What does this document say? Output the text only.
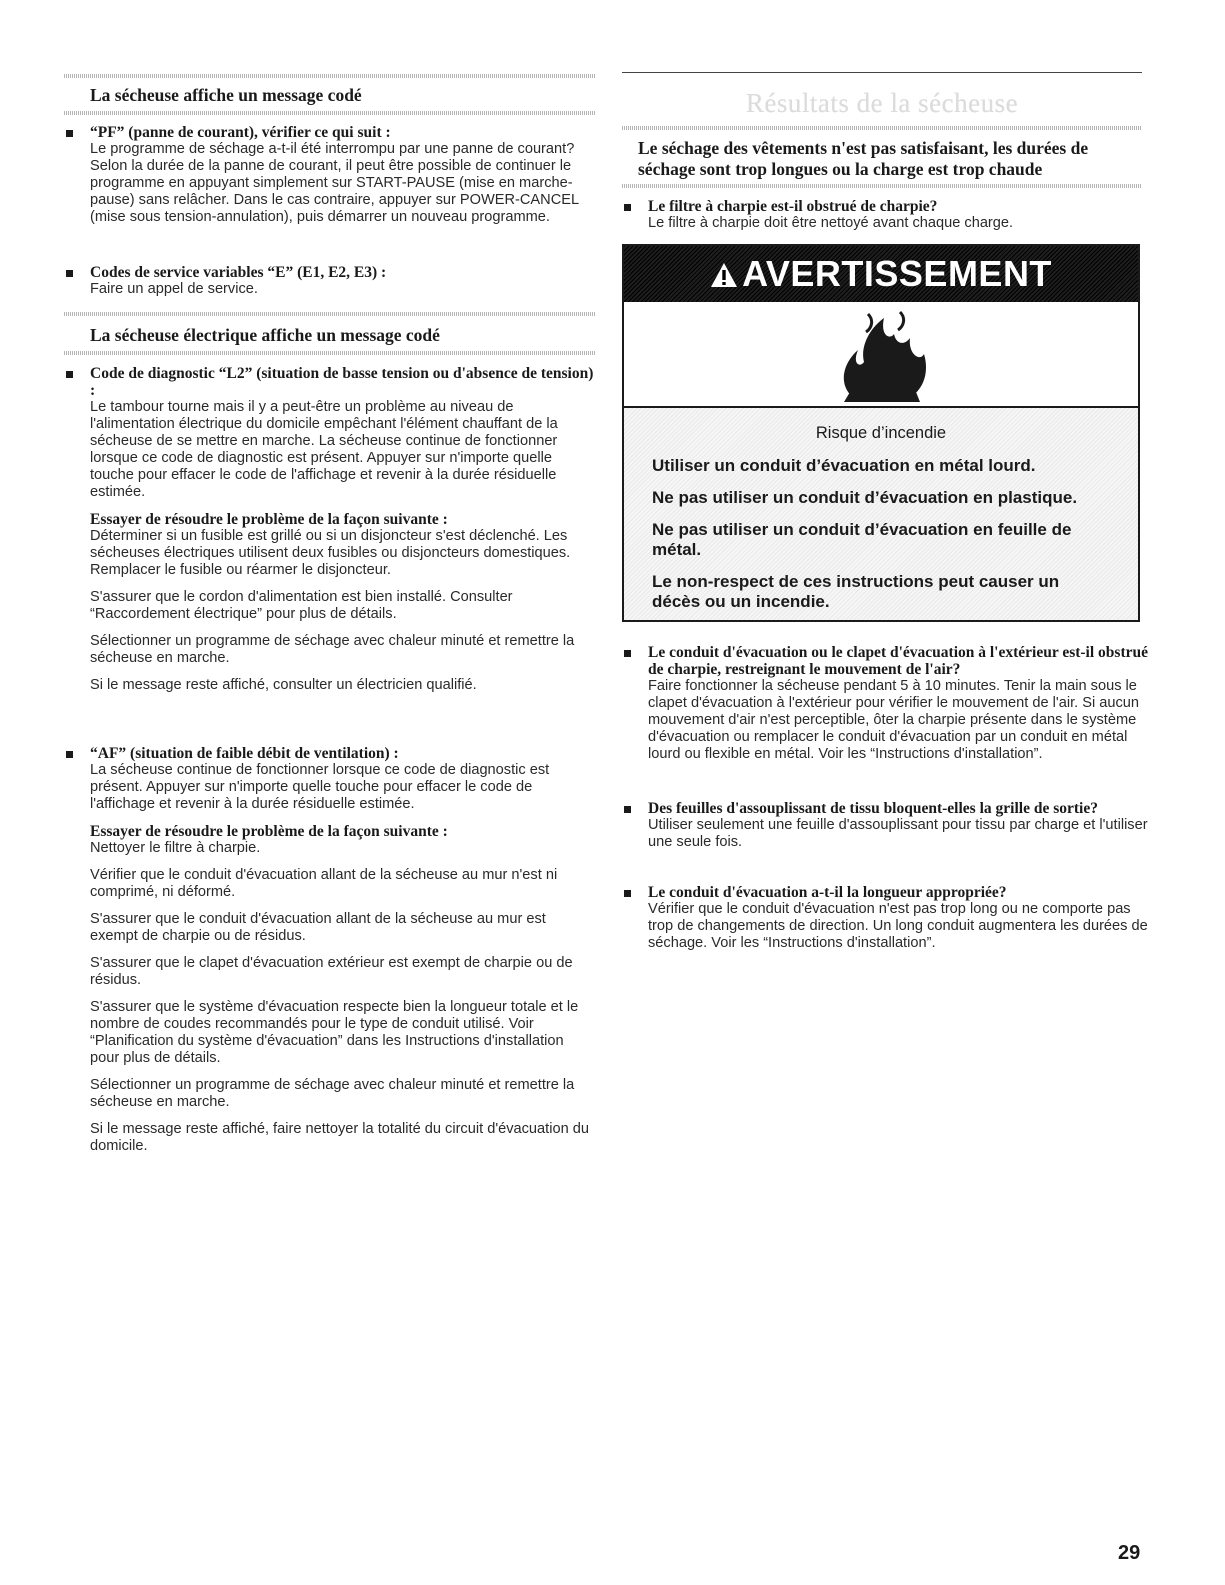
La sécheuse affiche un message codé
“PF” (panne de courant), vérifier ce qui suit :
Le programme de séchage a-t-il été interrompu par une panne de courant? Selon la durée de la panne de courant, il peut être possible de continuer le programme en appuyant simplement sur START-PAUSE (mise en marche-pause) sans relâcher. Dans le cas contraire, appuyer sur POWER-CANCEL (mise sous tension-annulation), puis démarrer un nouveau programme.
Codes de service variables “E” (E1, E2, E3) :
Faire un appel de service.
La sécheuse électrique affiche un message codé
Code de diagnostic “L2” (situation de basse tension ou d'absence de tension) :
Le tambour tourne mais il y a peut-être un problème au niveau de l'alimentation électrique du domicile empêchant l'élément chauffant de la sécheuse de se mettre en marche. La sécheuse continue de fonctionner lorsque ce code de diagnostic est présent. Appuyer sur n'importe quelle touche pour effacer le code de l'affichage et revenir à la durée résiduelle estimée.
Essayer de résoudre le problème de la façon suivante :
Déterminer si un fusible est grillé ou si un disjoncteur s'est déclenché. Les sécheuses électriques utilisent deux fusibles ou disjoncteurs domestiques. Remplacer le fusible ou réarmer le disjoncteur.
S'assurer que le cordon d'alimentation est bien installé. Consulter “Raccordement électrique” pour plus de détails.
Sélectionner un programme de séchage avec chaleur minuté et remettre la sécheuse en marche.
Si le message reste affiché, consulter un électricien qualifié.
“AF” (situation de faible débit de ventilation) :
La sécheuse continue de fonctionner lorsque ce code de diagnostic est présent. Appuyer sur n'importe quelle touche pour effacer le code de l'affichage et revenir à la durée résiduelle estimée.
Essayer de résoudre le problème de la façon suivante :
Nettoyer le filtre à charpie.
Vérifier que le conduit d'évacuation allant de la sécheuse au mur n'est ni comprimé, ni déformé.
S'assurer que le conduit d'évacuation allant de la sécheuse au mur est exempt de charpie ou de résidus.
S'assurer que le clapet d'évacuation extérieur est exempt de charpie ou de résidus.
S'assurer que le système d'évacuation respecte bien la longueur totale et le nombre de coudes recommandés pour le type de conduit utilisé. Voir “Planification du système d'évacuation” dans les Instructions d'installation pour plus de détails.
Sélectionner un programme de séchage avec chaleur minuté et remettre la sécheuse en marche.
Si le message reste affiché, faire nettoyer la totalité du circuit d'évacuation du domicile.
Résultats de la sécheuse
Le séchage des vêtements n'est pas satisfaisant, les durées de séchage sont trop longues ou la charge est trop chaude
Le filtre à charpie est-il obstrué de charpie?
Le filtre à charpie doit être nettoyé avant chaque charge.
AVERTISSEMENT
Risque d’incendie
Utiliser un conduit d’évacuation en métal lourd.
Ne pas utiliser un conduit d’évacuation en plastique.
Ne pas utiliser un conduit d’évacuation en feuille de métal.
Le non-respect de ces instructions peut causer un décès ou un incendie.
Le conduit d'évacuation ou le clapet d'évacuation à l'extérieur est-il obstrué de charpie, restreignant le mouvement de l'air?
Faire fonctionner la sécheuse pendant 5 à 10 minutes. Tenir la main sous le clapet d'évacuation à l'extérieur pour vérifier le mouvement de l'air. Si aucun mouvement d'air n'est perceptible, ôter la charpie présente dans le système d'évacuation ou remplacer le conduit d'évacuation par un conduit en métal lourd ou flexible en métal. Voir les “Instructions d'installation”.
Des feuilles d'assouplissant de tissu bloquent-elles la grille de sortie?
Utiliser seulement une feuille d'assouplissant pour tissu par charge et l'utiliser une seule fois.
Le conduit d'évacuation a-t-il la longueur appropriée?
Vérifier que le conduit d'évacuation n'est pas trop long ou ne comporte pas trop de changements de direction. Un long conduit augmentera les durées de séchage. Voir les “Instructions d'installation”.
29
